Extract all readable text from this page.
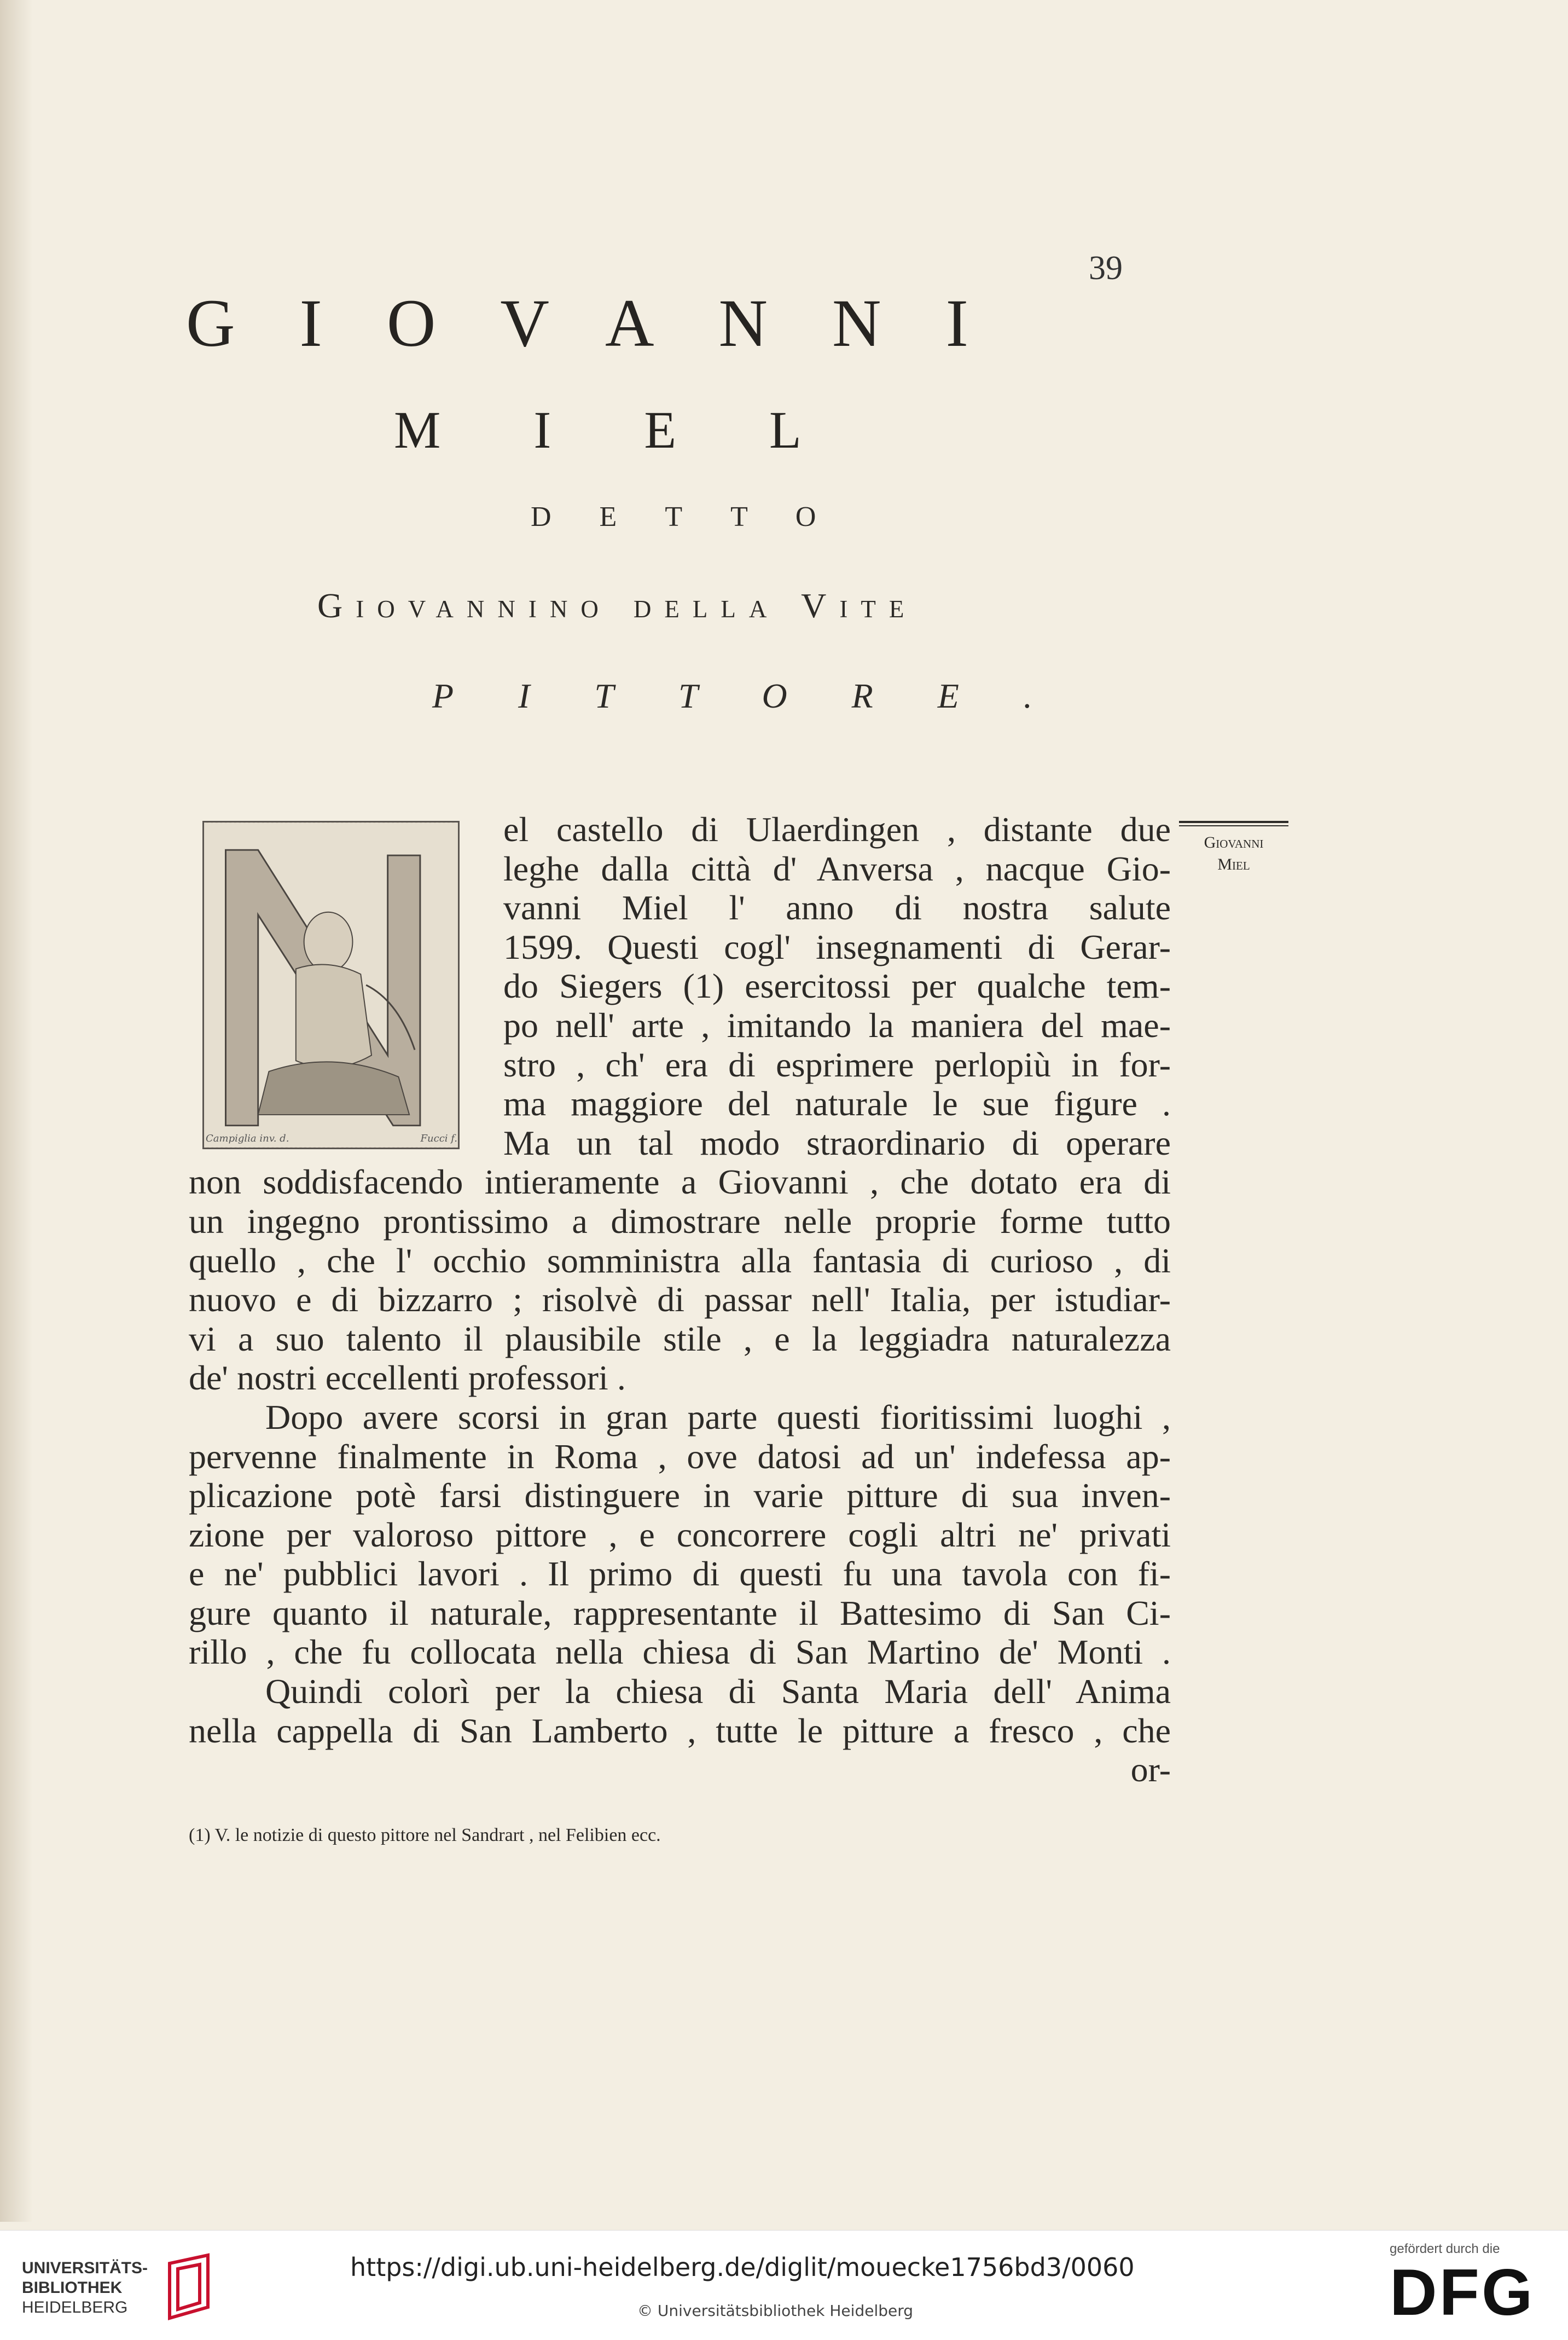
39
GIOVANNI
MIEL
DETTO
Giovannino della Vite
PITTORE.
Campiglia inv. d.	Fucci f.
el castello di Ulaerdingen , distante due
leghe dalla città d' Anversa , nacque Gio-
vanni Miel l' anno di nostra salute
1599. Questi cogl' insegnamenti di Gerar-
do Siegers (1) esercitossi per qualche tem-
po nell' arte , imitando la maniera del mae-
stro , ch' era di esprimere perlopiù in for-
ma maggiore del naturale le sue figure .
Ma un tal modo straordinario di operare
non soddisfacendo intieramente a Giovanni , che dotato era di
un ingegno prontissimo a dimostrare nelle proprie forme tutto
quello , che l' occhio somministra alla fantasia di curioso , di
nuovo e di bizzarro ; risolvè di passar nell' Italia, per istudiar-
vi a suo talento il plausibile stile , e la leggiadra naturalezza
de' nostri eccellenti professori .
Dopo avere scorsi in gran parte questi fioritissimi luoghi ,
pervenne finalmente in Roma , ove datosi ad un' indefessa ap-
plicazione potè farsi distinguere in varie pitture di sua inven-
zione per valoroso pittore , e concorrere cogli altri ne' privati
e ne' pubblici lavori . Il primo di questi fu una tavola con fi-
gure quanto il naturale, rappresentante il Battesimo di San Ci-
rillo , che fu collocata nella chiesa di San Martino de' Monti .
Quindi colorì per la chiesa di Santa Maria dell' Anima
nella cappella di San Lamberto , tutte le pitture a fresco , che
or-
Giovanni
Miel
(1) V. le notizie di questo pittore nel Sandrart , nel Felibien ecc.
UNIVERSITÄTS-
BIBLIOTHEK
HEIDELBERG
https://digi.ub.uni-heidelberg.de/diglit/mouecke1756bd3/0060
© Universitätsbibliothek Heidelberg
gefördert durch die
DFG
